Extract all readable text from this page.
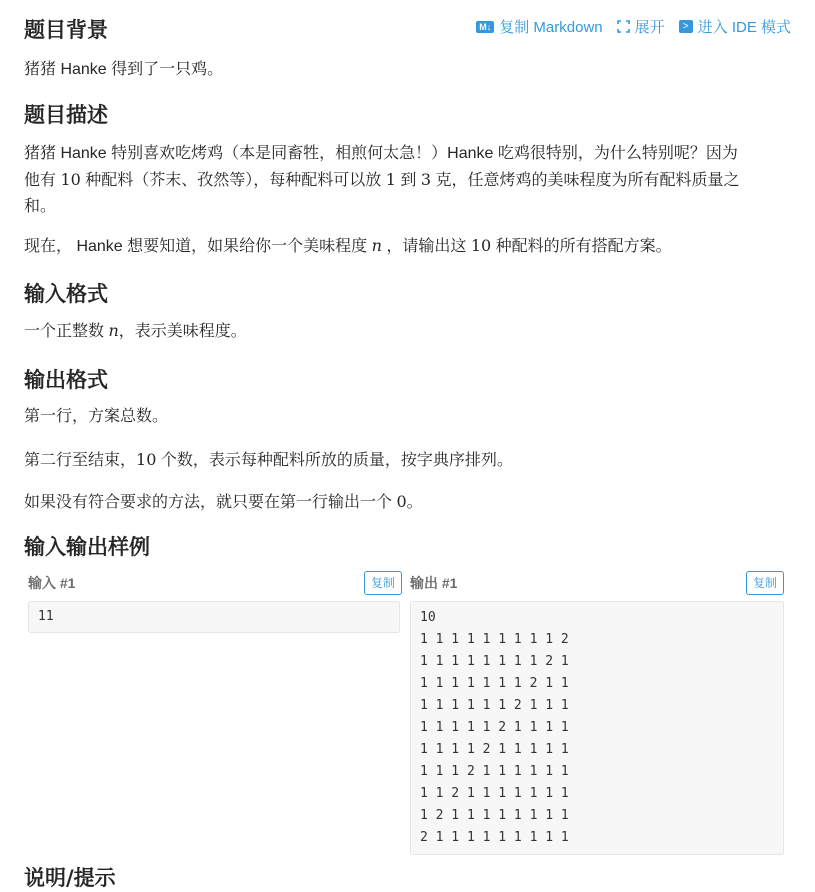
M↓ 复制 Markdown 展开	> 进入 IDE 模式
题目背景

猪猪 Hanke 得到了一只鸡。

题目描述
猪猪 Hanke 特别喜欢吃烤鸡（本是同畜牲，相煎何太急！）Hanke 吃鸡很特别，为什么特别呢？因为
他有 10 种配料（芥末、孜然等），每种配料可以放 1 到 3 克，任意烤鸡的美味程度为所有配料质量之
和。
现在， Hanke 想要知道，如果给你一个美味程度 n ，请输出这 10 种配料的所有搭配方案。
输入格式
一个正整数 n，表示美味程度。
输出格式
第一行，方案总数。
第二行至结束，10 个数，表示每种配料所放的质量，按字典序排列。
如果没有符合要求的方法，就只要在第一行输出一个 0。
输入输出样例
输入 #1	复制
11
输出 #1	复制
10
1 1 1 1 1 1 1 1 1 2
1 1 1 1 1 1 1 1 2 1
1 1 1 1 1 1 1 2 1 1
1 1 1 1 1 1 2 1 1 1
1 1 1 1 1 2 1 1 1 1
1 1 1 1 2 1 1 1 1 1
1 1 1 2 1 1 1 1 1 1
1 1 2 1 1 1 1 1 1 1
1 2 1 1 1 1 1 1 1 1
2 1 1 1 1 1 1 1 1 1
说明/提示
